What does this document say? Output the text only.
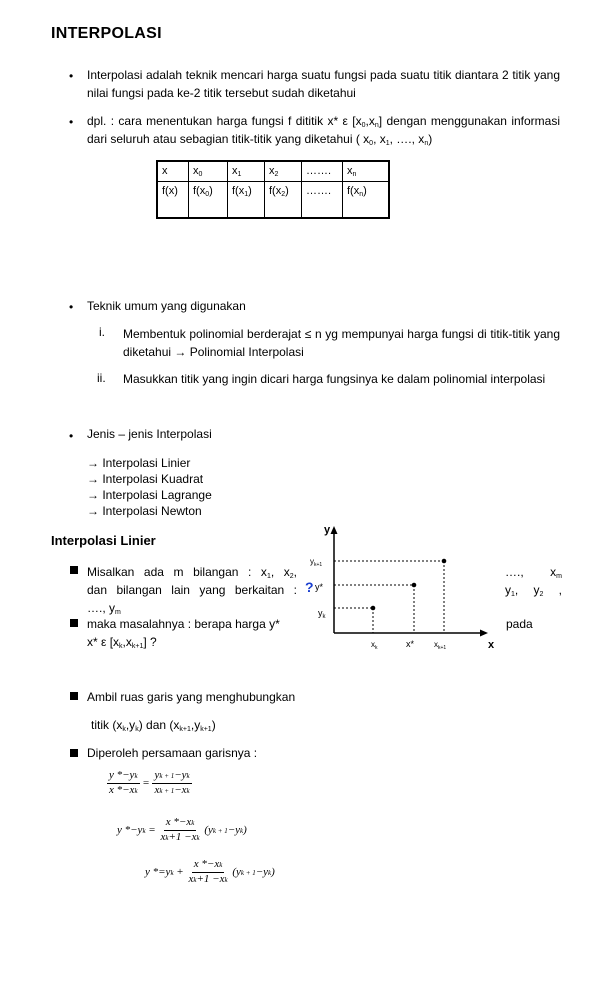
INTERPOLASI
• Interpolasi adalah teknik mencari harga suatu fungsi pada suatu titik diantara 2 titik yang nilai fungsi pada ke-2 titik tersebut sudah diketahui
• dpl. : cara menentukan harga fungsi f dititik x* ε $[x_0,x_n]$ dengan menggunakan informasi dari seluruh atau sebagian titik-titik yang diketahui ( $x_0$, $x_1$, …., $x_n$)
x	$x_0$	$x_1$	$x_2$	…….	$x_n$
f(x)	$f(x_0)$	$f(x_1)$	$f(x_2)$	…….	$f(x_n)$
• Teknik umum yang digunakan
i. Membentuk polinomial berderajat ≤ n yg mempunyai harga fungsi di titik-titik yang diketahui → Polinomial Interpolasi
ii. Masukkan titik yang ingin dicari harga fungsinya ke dalam polinomial interpolasi
• Jenis – jenis Interpolasi
→ Interpolasi Linier
→ Interpolasi Kuadrat
→ Interpolasi Lagrange
→ Interpolasi Newton
Interpolasi Linier
Misalkan ada m bilangan : $x_1$, $x_2$,
dan bilangan lain yang berkaitan :
…., $y_m$
…., $x_m$
$y_1$, $y_2$ ,
maka masalahnya : berapa harga y*
x* ε $[x_k,x_{k+1}]$ ?
pada
y
x
$y_{k+1}$
? y*
$y_k$
$x_k$	x* $x_{k+1}$
Ambil ruas garis yang menghubungkan
titik $(x_k,y_k)$ dan $(x_{k+1},y_{k+1})$
Diperoleh persamaan garisnya :
$\frac{y *-yk}{x *-xk} = \frac{yk + 1-yk}{xk + 1-xk}$
y $*-yk = \frac{x *-xk}{xk+1 -xk} (yk + 1-yk)$
y $*=yk + \frac{x *-xk}{xk+1 -xk} (yk + 1-yk)$
